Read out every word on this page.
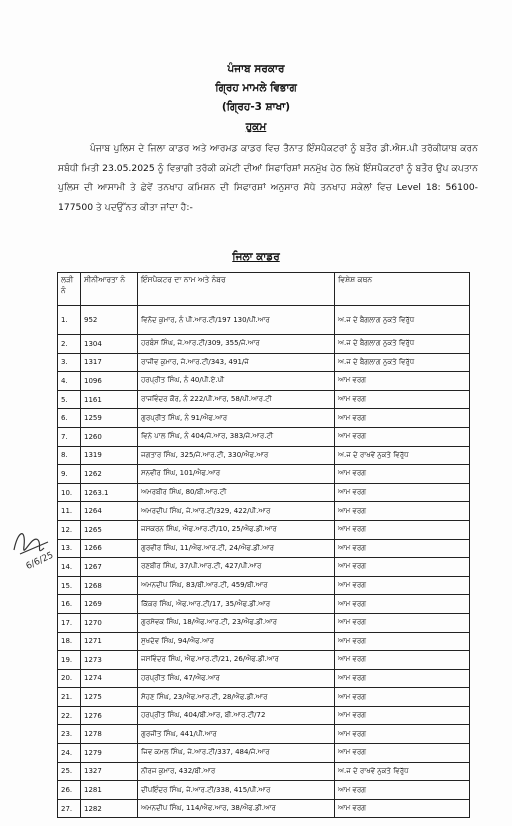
ਪੰਜਾਬ ਸਰਕਾਰ
ਗ੍ਰਿਹ ਮਾਮਲੇ ਵਿਭਾਗ
(ਗ੍ਰਿਹ-3 ਸ਼ਾਖਾ)
ਹੁਕਮ
ਪੰਜਾਬ ਪੁਲਿਸ ਦੇ ਜਿਲਾ ਕਾਡਰ ਅਤੇ ਆਰਮਡ ਕਾਡਰ ਵਿਚ ਤੈਨਾਤ ਇੰਸਪੈਕਟਰਾਂ ਨੂੰ ਬਤੌਰ ਡੀ.ਐਸ.ਪੀ ਤਰੱਕੀਯਾਬ ਕਰਨ ਸਬੰਧੀ ਮਿਤੀ 23.05.2025 ਨੂੰ ਵਿਭਾਗੀ ਤਰੱਕੀ ਕਮੇਟੀ ਦੀਆਂ ਸਿਫਾਰਿਸ਼ਾਂ ਸਨਮੁੱਖ ਹੇਠ ਲਿਖੇ ਇੰਸਪੈਕਟਰਾਂ ਨੂੰ ਬਤੌਰ ਉਪ ਕਪਤਾਨ ਪੁਲਿਸ ਦੀ ਆਸਾਮੀ ਤੇ ਛੇਵੇਂ ਤਨਖਾਹ ਕਮਿਸ਼ਨ ਦੀ ਸਿਫਾਰਸ਼ਾਂ ਅਨੁਸਾਰ ਸੋਧੇ ਤਨਖਾਹ ਸਕੇਲਾਂ ਵਿਚ Level 18: 56100-177500 ਤੇ ਪਦਉੱਨਤ ਕੀਤਾ ਜਾਂਦਾ ਹੈ:-
ਜਿਲਾ ਕਾਡਰ
ਲੜੀ ਨੰ	ਸੀਨੀਆਰਤਾ ਨੰ	ਇੰਸਪੈਕਟਰ ਦਾ ਨਾਮ ਅਤੇ ਨੰਬਰ	ਵਿਸ਼ੇਸ਼ ਕਥਨ
1.	952	ਵਿਨੋਦ ਕੁਮਾਰ, ਨੰ ਪੀ.ਆਰ.ਟੀ/197 130/ਪੀ.ਆਰ	ਅ.ਜ ਦੇ ਬੈਗਲਾਗ ਨੁਕਤੇ ਵਿਰੁੱਧ
2.	1304	ਹਰਬੰਸ ਸਿੰਘ, ਜੇ.ਆਰ.ਟੀ/309, 355/ਜੇ.ਆਰ	ਅ.ਜ ਦੇ ਬੈਗਲਾਗ ਨੁਕਤੇ ਵਿਰੁੱਧ
3.	1317	ਰਾਜੀਵ ਕੁਮਾਰ, ਜੇ.ਆਰ.ਟੀ/343, 491/ਜੇ	ਅ.ਜ ਦੇ ਬੈਗਲਾਗ ਨੁਕਤੇ ਵਿਰੁੱਧ
4.	1096	ਹਰਪ੍ਰੀਤ ਸਿੰਘ, ਨੰ 40/ਪੀ.ਏ.ਪੀ	ਆਮ ਵਰਗ
5.	1161	ਰਾਜਵਿੰਦਰ ਕੌਰ, ਨੰ 222/ਪੀ.ਆਰ, 58/ਪੀ.ਆਰ.ਟੀ	ਆਮ ਵਰਗ
6.	1259	ਗੁਰਪ੍ਰੀਤ ਸਿੰਘ, ਨੰ 91/ਐਫ.ਆਰ	ਆਮ ਵਰਗ
7.	1260	ਵਿਨੇ ਪਾਲ ਸਿੰਘ, ਨੰ 404/ਜੇ.ਆਰ, 383/ਜੇ.ਆਰ.ਟੀ	ਆਮ ਵਰਗ
8.	1319	ਜਗਤਾਰ ਸਿੰਘ, 325/ਜੇ.ਆਰ.ਟੀ, 330/ਐਫ.ਆਰ	ਅ.ਜ ਦੇ ਰਾਖਵੇਂ ਨੁਕਤੇ ਵਿਰੁੱਧ
9.	1262	ਸਨਵੀਰ ਸਿੰਘ, 101/ਐਫ.ਆਰ	ਆਮ ਵਰਗ
10.	1263.1	ਅਮਰਬੀਰ ਸਿੰਘ, 80/ਬੀ.ਆਰ.ਟੀ	ਆਮ ਵਰਗ
11.	1264	ਅਮਰਦੀਪ ਸਿੰਘ, ਜੇ.ਆਰ.ਟੀ/329, 422/ਪੀ.ਆਰ	ਆਮ ਵਰਗ
12.	1265	ਜਸਕਰਨ ਸਿੰਘ, ਐਫ.ਆਰ.ਟੀ/10, 25/ਐਫ.ਡੀ.ਆਰ	ਆਮ ਵਰਗ
13.	1266	ਗੁਰਵੀਰ ਸਿੰਘ, 11/ਐਫ.ਆਰ.ਟੀ, 24/ਐਫ.ਡੀ.ਆਰ	ਆਮ ਵਰਗ
14.	1267	ਰਣਬੀਰ ਸਿੰਘ, 37/ਪੀ.ਆਰ.ਟੀ, 427/ਪੀ.ਆਰ	ਆਮ ਵਰਗ
15.	1268	ਅਮਨਦੀਪ ਸਿੰਘ, 83/ਬੀ.ਆਰ.ਟੀ, 459/ਬੀ.ਆਰ	ਆਮ ਵਰਗ
16.	1269	ਕਿੱਕਰ ਸਿੰਘ, ਐਫ.ਆਰ.ਟੀ/17, 35/ਐਫ.ਡੀ.ਆਰ	ਆਮ ਵਰਗ
17.	1270	ਗੁਰਸੇਵਕ ਸਿੰਘ, 18/ਐਫ.ਆਰ.ਟੀ, 23/ਐਫ.ਡੀ.ਆਰ	ਆਮ ਵਰਗ
18.	1271	ਸੁਖਦੇਵ ਸਿੰਘ, 94/ਐਫ.ਆਰ	ਆਮ ਵਰਗ
19.	1273	ਜਸਵਿੰਦਰ ਸਿੰਘ, ਐਫ.ਆਰ.ਟੀ/21, 26/ਐਫ.ਡੀ.ਆਰ	ਆਮ ਵਰਗ
20.	1274	ਹਰਪ੍ਰੀਤ ਸਿੰਘ, 47/ਐਫ.ਆਰ	ਆਮ ਵਰਗ
21.	1275	ਸੋਹਣ ਸਿੰਘ, 23/ਐਫ.ਆਰ.ਟੀ, 28/ਐਫ.ਡੀ.ਆਰ	ਆਮ ਵਰਗ
22.	1276	ਹਰਪ੍ਰੀਤ ਸਿੰਘ, 404/ਬੀ.ਆਰ, ਬੀ.ਆਰ.ਟੀ/72	ਆਮ ਵਰਗ
23.	1278	ਗੁਰਜੀਤ ਸਿੰਘ, 441/ਪੀ.ਆਰ	ਆਮ ਵਰਗ
24.	1279	ਜਿਵ ਕਮਲ ਸਿੰਘ, ਜੇ.ਆਰ.ਟੀ/337, 484/ਜੇ.ਆਰ	ਆਮ ਵਰਗ
25.	1327	ਨੀਰਜ ਕੁਮਾਰ, 432/ਬੀ.ਆਰ	ਅ.ਜ ਦੇ ਰਾਖਵੇਂ ਨੁਕਤੇ ਵਿਰੁੱਧ
26.	1281	ਦੀਪਇੰਦਰ ਸਿੰਘ, ਜੇ.ਆਰ.ਟੀ/338, 415/ਪੀ.ਆਰ	ਆਮ ਵਰਗ
27.	1282	ਅਮਨਦੀਪ ਸਿੰਘ, 114/ਐਫ.ਆਰ, 38/ਐਫ.ਡੀ.ਆਰ	ਆਮ ਵਰਗ
6/6/25
